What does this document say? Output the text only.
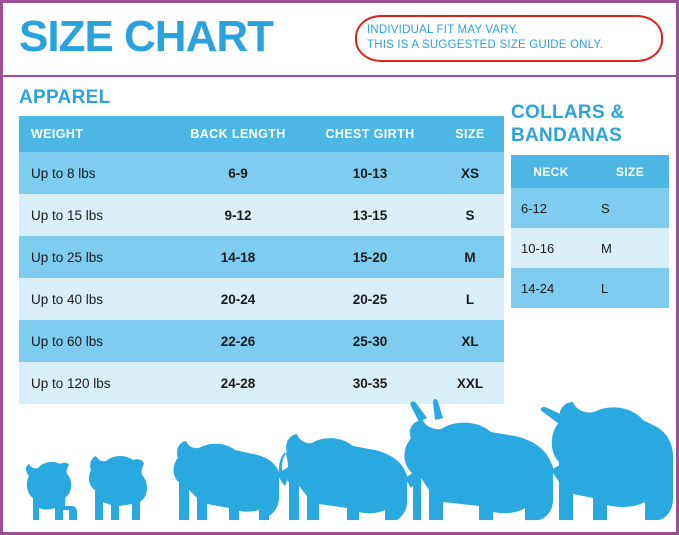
SIZE CHART	INDIVIDUAL FIT MAY VARY.
THIS IS A SUGGESTED SIZE GUIDE ONLY.
APPAREL
WEIGHT	BACK LENGTH	CHEST GIRTH	SIZE
Up to 8 lbs	6-9	10-13	XS
Up to 15 lbs	9-12	13-15	S
Up to 25 lbs	14-18	15-20	M
Up to 40 lbs	20-24	20-25	L
Up to 60 lbs	22-26	25-30	XL
Up to 120 lbs	24-28	30-35	XXL
COLLARS &
BANDANAS
NECK	SIZE
6-12	S
10-16	M
14-24	L
